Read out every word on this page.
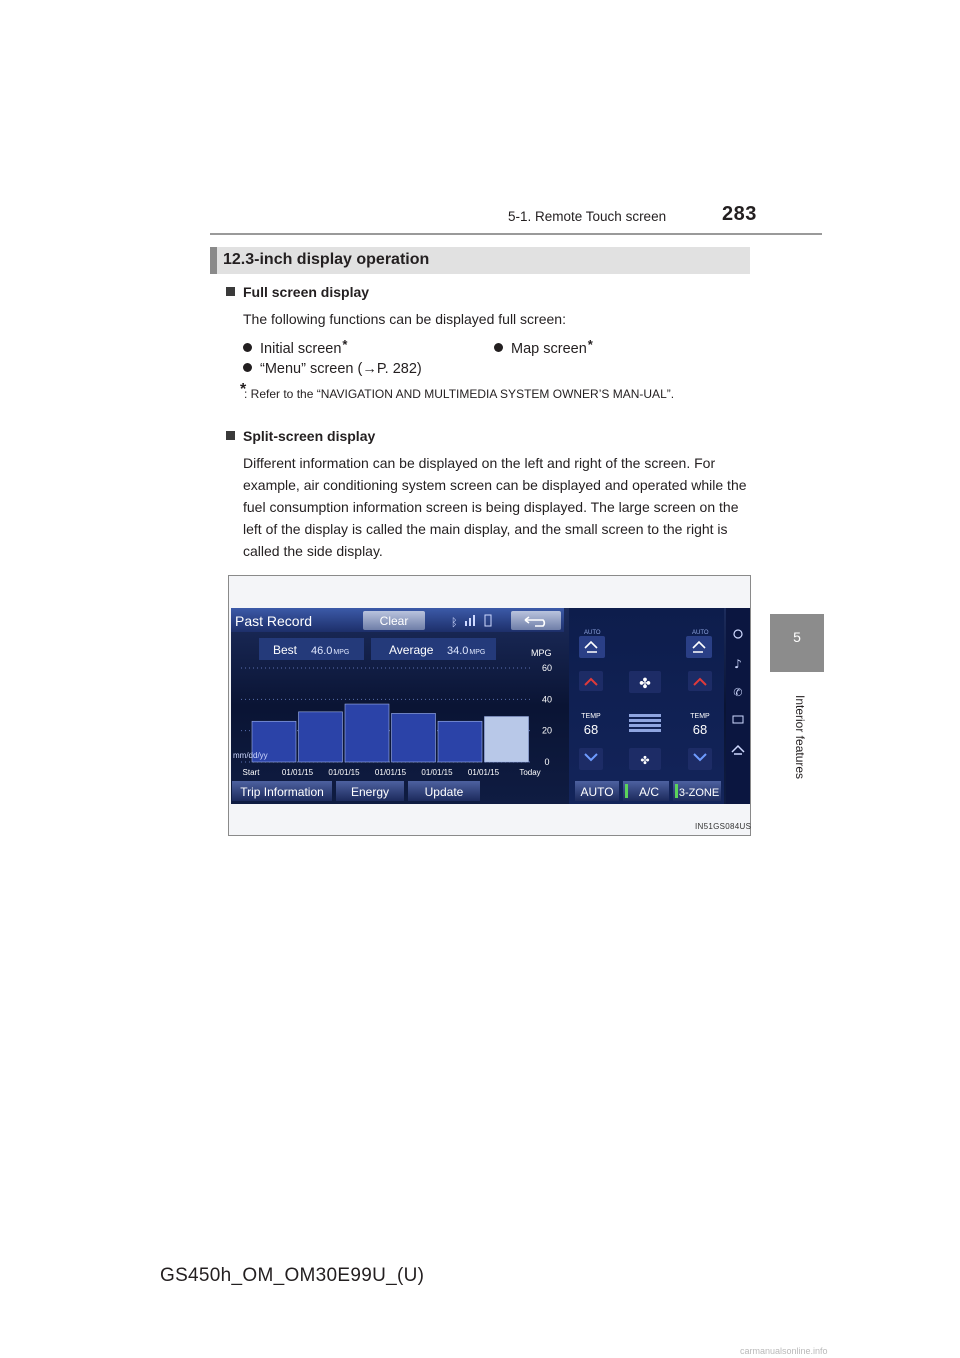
5-1. Remote Touch screen	283
5
Interior features
12.3-inch display operation
Full screen display
The following functions can be displayed full screen:
Initial screen*	Map screen*
“Menu” screen (→P. 282)
*
: Refer to the “NAVIGATION AND MULTIMEDIA SYSTEM OWNER’S MAN-UAL”.
Split-screen display
Different information can be displayed on the left and right of the screen. For example, air conditioning system screen can be displayed and operated while the fuel consumption information screen is being displayed. The large screen on the left of the display is called the main display, and the small screen to the right is called the side display.
Past Record	Clear	ᛒ
Best 46.0MPG	Average 34.0MPG	MPG
60
40
20
0
Start	01/01/15 01/01/15 01/01/15 01/01/15 01/01/15	Today
mm/dd/yy
Trip Information Energy	Update
AUTO	AUTO
TEMP
68
✤
✤
TEMP
68
AUTO A/C 3-ZONE
♪
✆
IN51GS084US
GS450h_OM_OM30E99U_(U)
carmanualsonline.info
